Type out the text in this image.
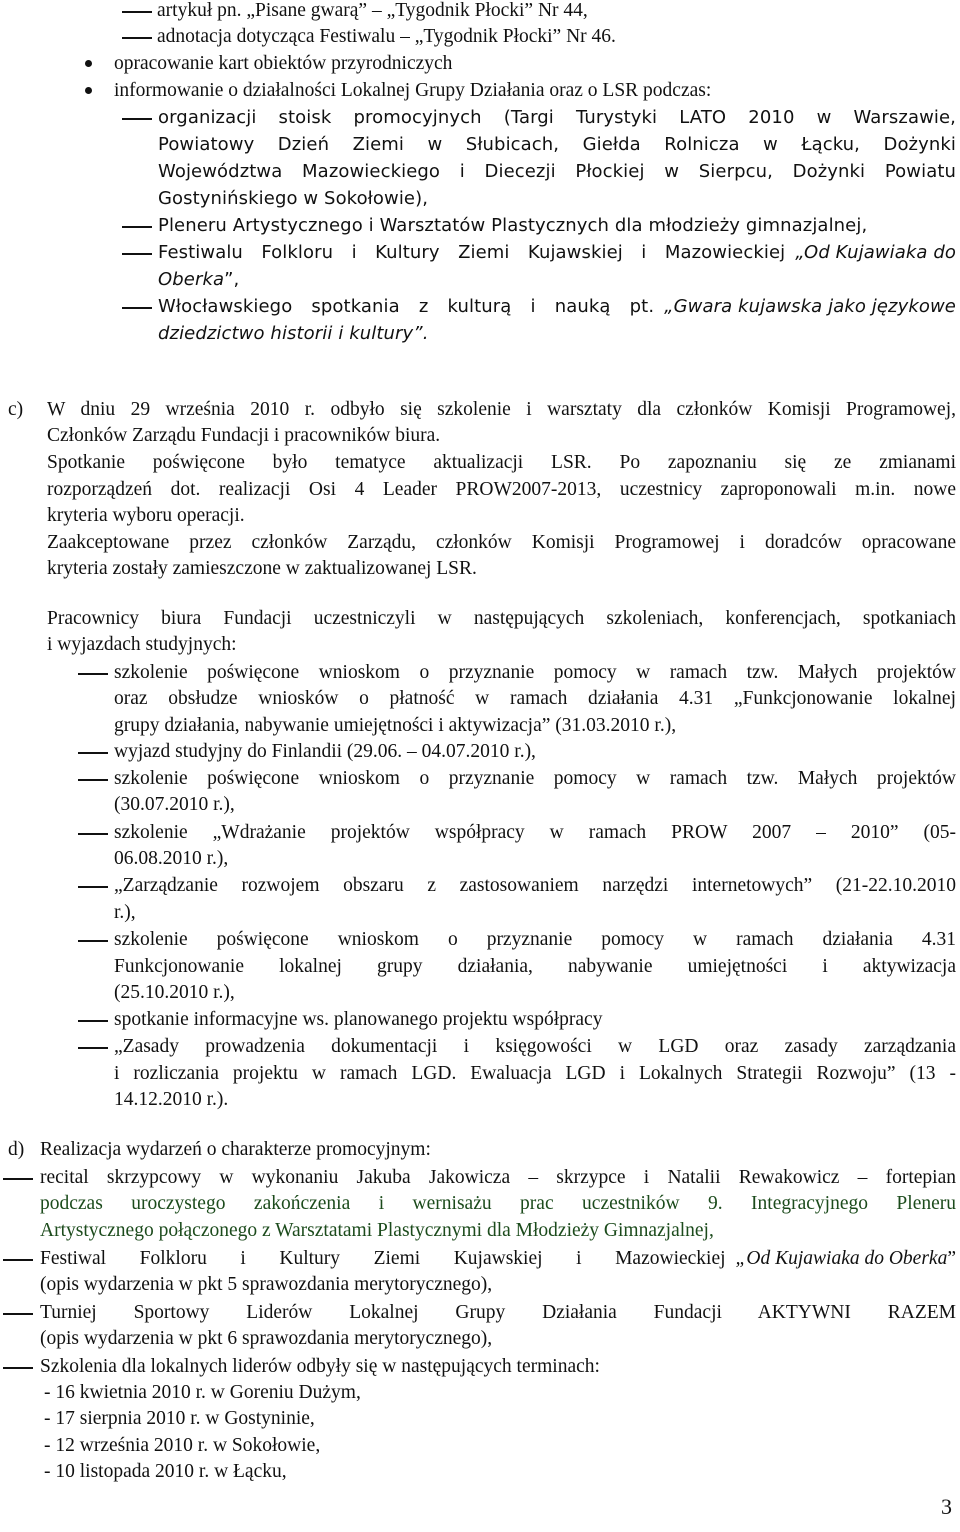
artykuł pn. „Pisane gwarą” – „Tygodnik Płocki” Nr 44,
adnotacja dotycząca Festiwalu – „Tygodnik Płocki” Nr 46.
opracowanie kart obiektów przyrodniczych
informowanie o działalności Lokalnej Grupy Działania oraz o LSR podczas:
organizacji stoisk promocyjnych (Targi Turystyki LATO 2010 w Warszawie,
Powiatowy Dzień Ziemi w Słubicach, Giełda Rolnicza w Łącku, Dożynki
Województwa Mazowieckiego i Diecezji Płockiej w Sierpcu, Dożynki Powiatu
Gostynińskiego w Sokołowie),
Pleneru Artystycznego i Warsztatów Plastycznych dla młodzieży gimnazjalnej,
Festiwalu Folkloru i Kultury Ziemi Kujawskiej i Mazowieckiej „Od Kujawiaka do
Oberka”,
Włocławskiego spotkania z kulturą i nauką pt. „Gwara kujawska jako językowe
dziedzictwo historii i kultury”.
c) W dniu 29 września 2010 r. odbyło się szkolenie i warsztaty dla członków Komisji Programowej,
Członków Zarządu Fundacji i pracowników biura.
Spotkanie poświęcone było tematyce aktualizacji LSR. Po zapoznaniu się ze zmianami
rozporządzeń dot. realizacji Osi 4 Leader PROW2007-2013, uczestnicy zaproponowali m.in. nowe
kryteria wyboru operacji.
Zaakceptowane przez członków Zarządu, członków Komisji Programowej i doradców opracowane
kryteria zostały zamieszczone w zaktualizowanej LSR.
Pracownicy biura Fundacji uczestniczyli w następujących szkoleniach, konferencjach, spotkaniach
i wyjazdach studyjnych:
szkolenie poświęcone wnioskom o przyznanie pomocy w ramach tzw. Małych projektów
oraz obsłudze wniosków o płatność w ramach działania 4.31 „Funkcjonowanie lokalnej
grupy działania, nabywanie umiejętności i aktywizacja” (31.03.2010 r.),
wyjazd studyjny do Finlandii (29.06. – 04.07.2010 r.),
szkolenie poświęcone wnioskom o przyznanie pomocy w ramach tzw. Małych projektów
(30.07.2010 r.),
szkolenie „Wdrażanie projektów współpracy w ramach PROW 2007 – 2010” (05-
06.08.2010 r.),
„Zarządzanie rozwojem obszaru z zastosowaniem narzędzi internetowych” (21-22.10.2010
r.),
szkolenie poświęcone wnioskom o przyznanie pomocy w ramach działania 4.31
Funkcjonowanie lokalnej grupy działania, nabywanie umiejętności i aktywizacja
(25.10.2010 r.),
spotkanie informacyjne ws. planowanego projektu współpracy
„Zasady prowadzenia dokumentacji i księgowości w LGD oraz zasady zarządzania
i rozliczania projektu w ramach LGD. Ewaluacja LGD i Lokalnych Strategii Rozwoju” (13 -
14.12.2010 r.).
d) Realizacja wydarzeń o charakterze promocyjnym:
recital skrzypcowy w wykonaniu Jakuba Jakowicza – skrzypce i Natalii Rewakowicz – fortepian
podczas uroczystego zakończenia i wernisażu prac uczestników 9. Integracyjnego Pleneru
Artystycznego połączonego z Warsztatami Plastycznymi dla Młodzieży Gimnazjalnej,
Festiwal Folkloru i Kultury Ziemi Kujawskiej i Mazowieckiej „Od Kujawiaka do Oberka”
(opis wydarzenia w pkt 5 sprawozdania merytorycznego),
Turniej Sportowy Liderów Lokalnej Grupy Działania Fundacji AKTYWNI RAZEM
(opis wydarzenia w pkt 6 sprawozdania merytorycznego),
Szkolenia dla lokalnych liderów odbyły się w następujących terminach:
- 16 kwietnia 2010 r. w Goreniu Dużym,
- 17 sierpnia 2010 r. w Gostyninie,
- 12 września 2010 r. w Sokołowie,
- 10 listopada 2010 r. w Łącku,
3
